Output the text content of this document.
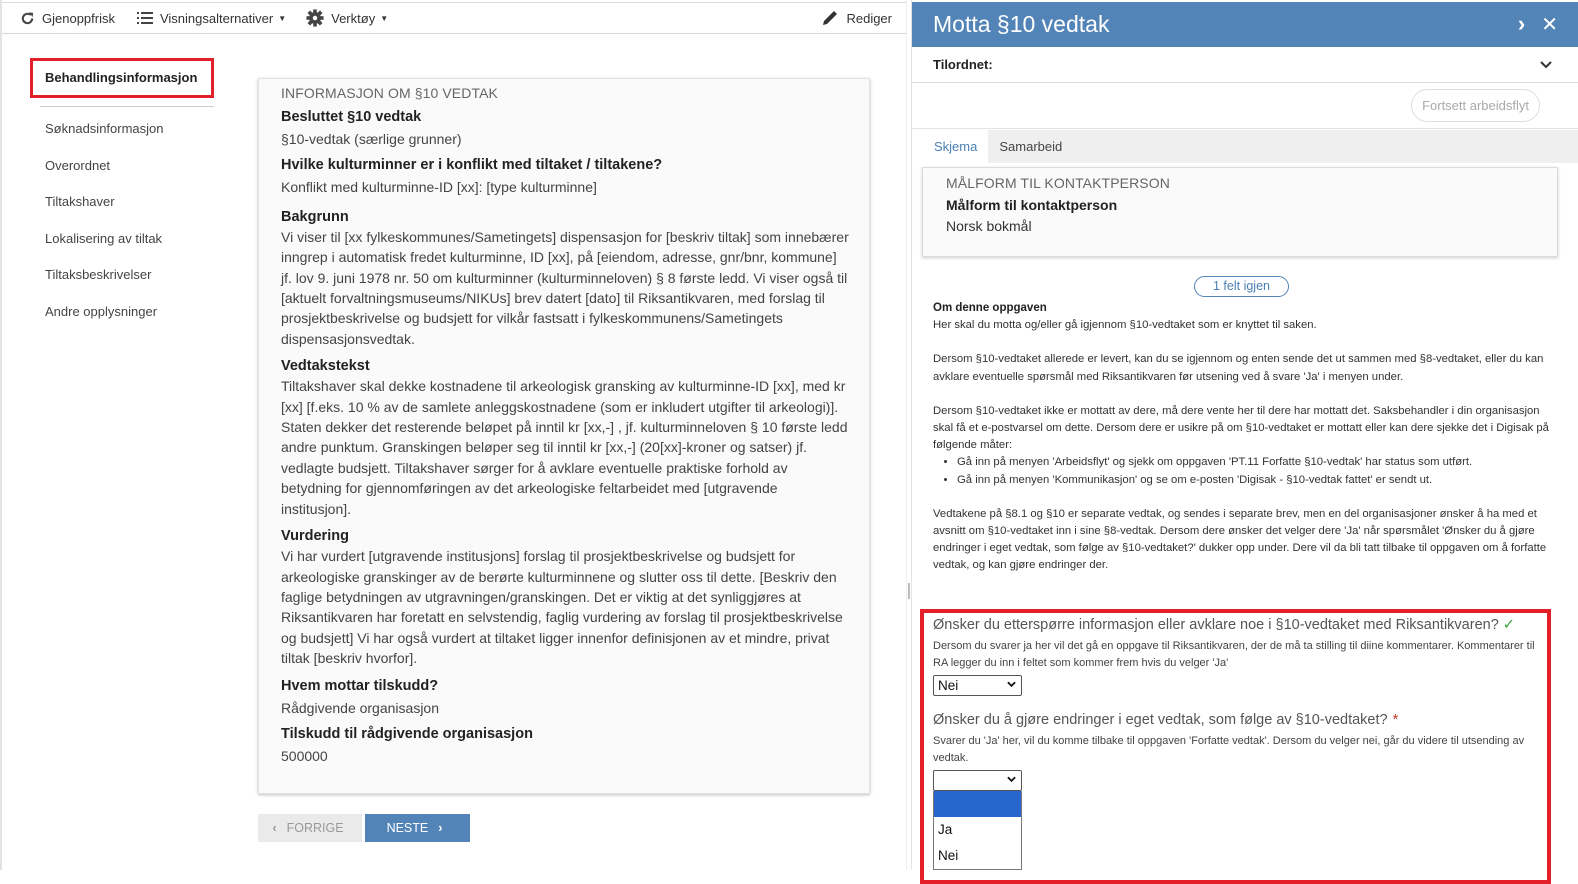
Gjenoppfrisk	Visningsalternativer ▼	Verktøy ▼	Rediger
Behandlingsinformasjon
Søknadsinformasjon
Overordnet
Tiltakshaver
Lokalisering av tiltak
Tiltaksbeskrivelser
Andre opplysninger
INFORMASJON OM §10 VEDTAK
Besluttet §10 vedtak
§10-vedtak (særlige grunner)
Hvilke kulturminner er i konflikt med tiltaket / tiltakene?
Konflikt med kulturminne-ID [xx]: [type kulturminne]
Bakgrunn
Vi viser til [xx fylkeskommunes/Sametingets] dispensasjon for [beskriv tiltak] som innebærer inngrep i automatisk fredet kulturminne, ID [xx], på [eiendom, adresse, gnr/bnr, kommune] jf. lov 9. juni 1978 nr. 50 om kulturminner (kulturminneloven) § 8 første ledd. Vi viser også til [aktuelt forvaltningsmuseums/NIKUs] brev datert [dato] til Riksantikvaren, med forslag til prosjektbeskrivelse og budsjett for vilkår fastsatt i fylkeskommunens/Sametingets dispensasjonsvedtak.
Vedtakstekst
Tiltakshaver skal dekke kostnadene til arkeologisk gransking av kulturminne-ID [xx], med kr [xx] [f.eks. 10 % av de samlete anleggskostnadene (som er inkludert utgifter til arkeologi)]. Staten dekker det resterende beløpet på inntil kr [xx,-] , jf. kulturminneloven § 10 første ledd andre punktum. Granskingen beløper seg til inntil kr [xx,-] (20[xx]-kroner og satser) jf. vedlagte budsjett. Tiltakshaver sørger for å avklare eventuelle praktiske forhold av betydning for gjennomføringen av det arkeologiske feltarbeidet med [utgravende institusjon].
Vurdering
Vi har vurdert [utgravende institusjons] forslag til prosjektbeskrivelse og budsjett for arkeologiske granskinger av de berørte kulturminnene og slutter oss til dette. [Beskriv den faglige betydningen av utgravningen/granskingen. Det er viktig at det synliggjøres at Riksantikvaren har foretatt en selvstendig, faglig vurdering av forslag til prosjektbeskrivelse og budsjett] Vi har også vurdert at tiltaket ligger innenfor definisjonen av et mindre, privat tiltak [beskriv hvorfor].
Hvem mottar tilskudd?
Rådgivende organisasjon
Tilskudd til rådgivende organisasjon
500000
‹ FORRIGE	NESTE ›
Motta §10 vedtak	› ✕
Tilordnet:
Fortsett arbeidsflyt
Skjema	Samarbeid
MÅLFORM TIL KONTAKTPERSON
Målform til kontaktperson
Norsk bokmål
1 felt igjen
Om denne oppgaven

Her skal du motta og/eller gå igjennom §10-vedtaket som er knyttet til saken.

Dersom §10-vedtaket allerede er levert, kan du se igjennom og enten sende det ut sammen med §8-vedtaket, eller du kan avklare eventuelle spørsmål med Riksantikvaren før utsening ved å svare 'Ja' i menyen under.

Dersom §10-vedtaket ikke er mottatt av dere, må dere vente her til dere har mottatt det. Saksbehandler i din organisasjon skal få et e-postvarsel om dette. Dersom dere er usikre på om §10-vedtaket er mottatt eller kan dere sjekke det i Digisak på følgende måter:

• Gå inn på menyen 'Arbeidsflyt' og sjekk om oppgaven 'PT.11 Forfatte §10-vedtak' har status som utført.
• Gå inn på menyen 'Kommunikasjon' og se om e-posten 'Digisak - §10-vedtak fattet' er sendt ut.

Vedtakene på §8.1 og §10 er separate vedtak, og sendes i separate brev, men en del organisasjoner ønsker å ha med et avsnitt om §10-vedtaket inn i sine §8-vedtak. Dersom dere ønsker det velger dere 'Ja' når spørsmålet 'Ønsker du å gjøre endringer i eget vedtak, som følge av §10-vedtaket?' dukker opp under. Dere vil da bli tatt tilbake til oppgaven om å forfatte vedtak, og kan gjøre endringer der.

Ønsker du etterspørre informasjon eller avklare noe i §10-vedtaket med Riksantikvaren? ✓
Dersom du svarer ja her vil det gå en oppgave til Riksantikvaren, der de må ta stilling til diine kommentarer. Kommentarer til RA legger du inn i feltet som kommer frem hvis du velger 'Ja'
Nei
Ønsker du å gjøre endringer i eget vedtak, som følge av §10-vedtaket? *
Svarer du 'Ja' her, vil du komme tilbake til oppgaven 'Forfatte vedtak'. Dersom du velger nei, går du videre til utsending av vedtak.
Ja
Nei
